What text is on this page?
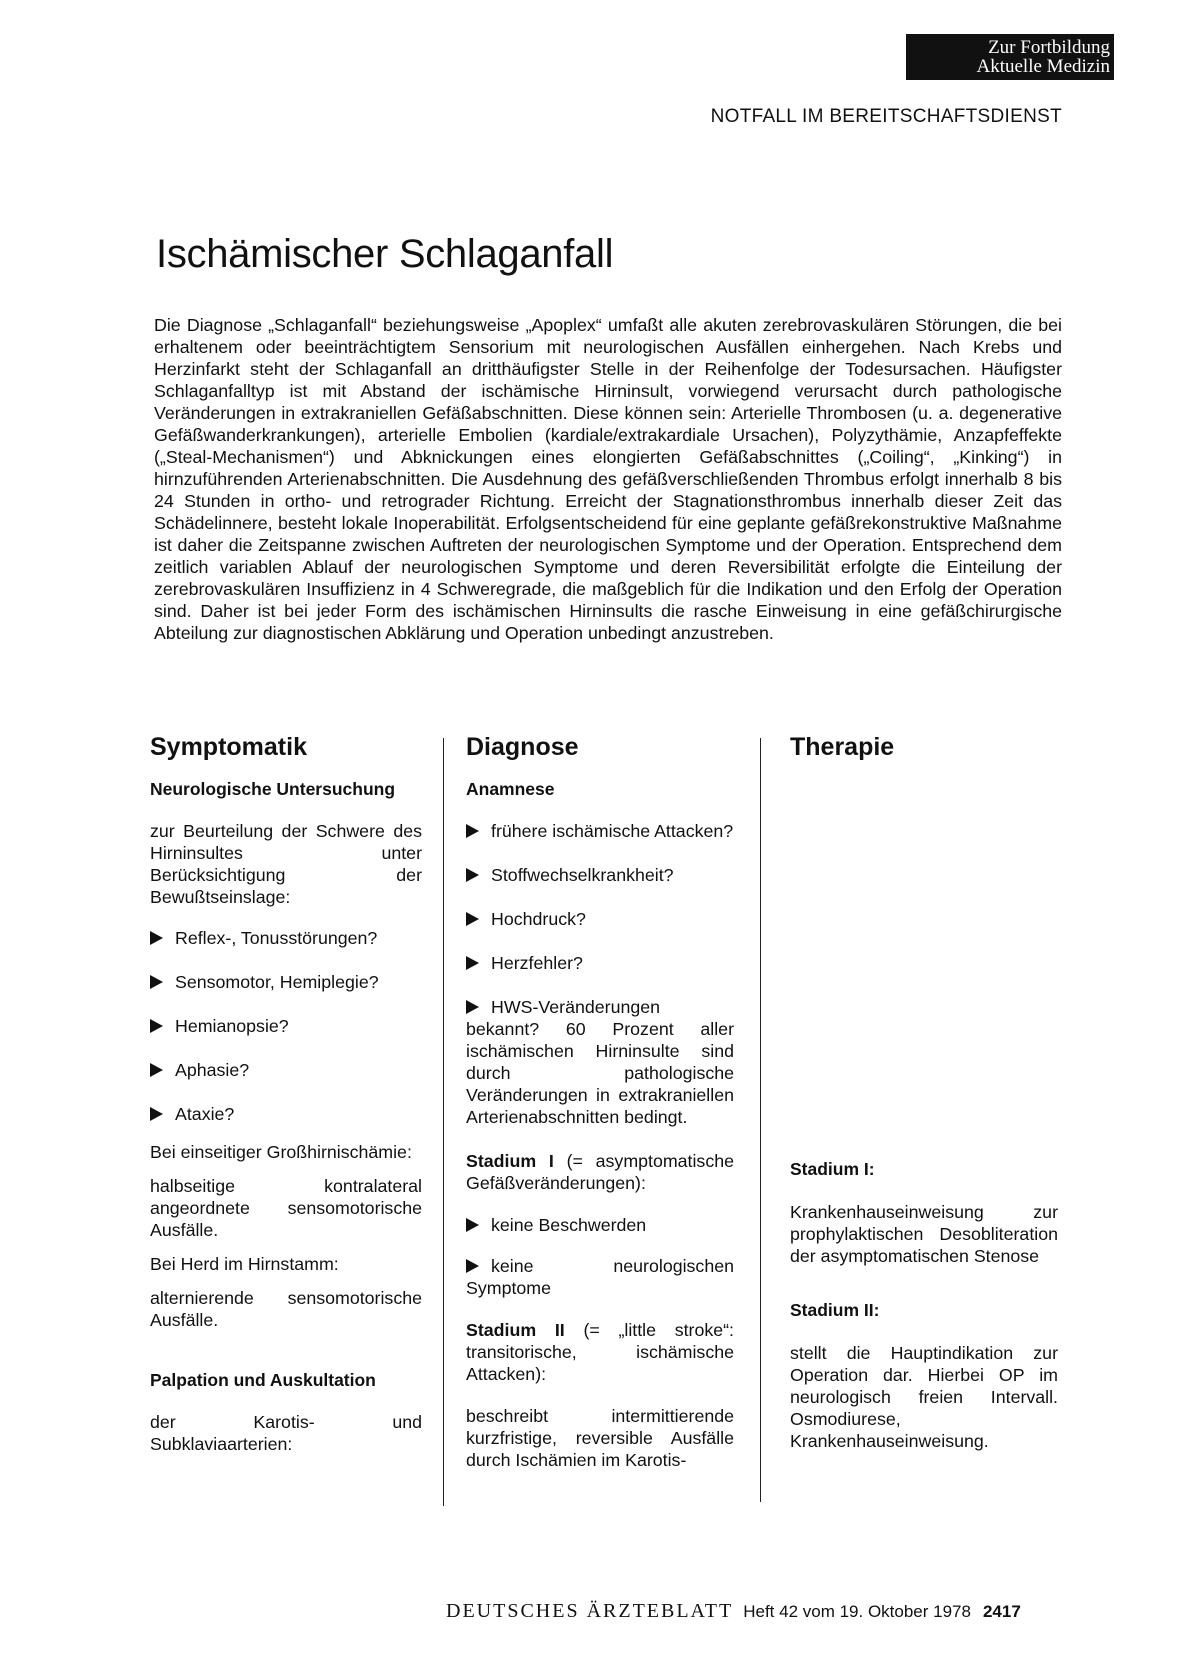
Zur Fortbildung
Aktuelle Medizin
NOTFALL IM BEREITSCHAFTSDIENST
Ischämischer Schlaganfall

Die Diagnose „Schlaganfall“ beziehungsweise „Apoplex“ umfaßt alle akuten zerebrovaskulären Störungen, die bei erhaltenem oder beeinträchtigtem Sensorium mit neurologischen Ausfällen einhergehen. Nach Krebs und Herzinfarkt steht der Schlaganfall an dritthäufigster Stelle in der Reihenfolge der Todesursachen. Häufigster Schlaganfalltyp ist mit Abstand der ischämische Hirninsult, vorwiegend verursacht durch pathologische Veränderungen in extrakraniellen Gefäßabschnitten. Diese können sein: Arterielle Thrombosen (u. a. degenerative Gefäßwanderkrankungen), arterielle Embolien (kardiale/extrakardiale Ursachen), Polyzythämie, Anzapfeffekte („Steal-Mechanismen“) und Abknickungen eines elongierten Gefäßabschnittes („Coiling“, „Kinking“) in hirnzuführenden Arterienabschnitten. Die Ausdehnung des gefäßverschließenden Thrombus erfolgt innerhalb 8 bis 24 Stunden in ortho- und retrograder Richtung. Erreicht der Stagnationsthrombus innerhalb dieser Zeit das Schädelinnere, besteht lokale Inoperabilität. Erfolgsentscheidend für eine geplante gefäßrekonstruktive Maßnahme ist daher die Zeitspanne zwischen Auftreten der neurologischen Symptome und der Operation. Entsprechend dem zeitlich variablen Ablauf der neurologischen Symptome und deren Reversibilität erfolgte die Einteilung der zerebrovaskulären Insuffizienz in 4 Schweregrade, die maßgeblich für die Indikation und den Erfolg der Operation sind. Daher ist bei jeder Form des ischämischen Hirninsults die rasche Einweisung in eine gefäßchirurgische Abteilung zur diagnostischen Abklärung und Operation unbedingt anzustreben.

Symptomatik

Neurologische Untersuchung

zur Beurteilung der Schwere des Hirninsultes unter Berücksichtigung der Bewußtseinslage:

Reflex-, Tonusstörungen?

Sensomotor, Hemiplegie?

Hemianopsie?

Aphasie?

Ataxie?

Bei einseitiger Großhirnischämie:

halbseitige kontralateral angeordnete sensomotorische Ausfälle.

Bei Herd im Hirnstamm:

alternierende sensomotorische Ausfälle.

Palpation und Auskultation

der Karotis- und Subklaviaarterien:

Diagnose

Anamnese

frühere ischämische Attacken?

Stoffwechselkrankheit?

Hochdruck?

Herzfehler?

HWS-Veränderungen bekannt? 60 Prozent aller ischämischen Hirninsulte sind durch pathologische Veränderungen in extrakraniellen Arterienabschnitten bedingt.

Stadium I (= asymptomatische Gefäßveränderungen):

keine Beschwerden

keine neurologischen Symptome

Stadium II (= „little stroke“: transitorische, ischämische Attacken):

beschreibt intermittierende kurzfristige, reversible Ausfälle durch Ischämien im Karotis-

Therapie

Stadium I:

Krankenhauseinweisung zur prophylaktischen Desobliteration der asymptomatischen Stenose

Stadium II:

stellt die Hauptindikation zur Operation dar. Hierbei OP im neurologisch freien Intervall. Osmodiurese, Krankenhauseinweisung.

DEUTSCHES ÄRZTEBLATT Heft 42 vom 19. Oktober 1978 2417
